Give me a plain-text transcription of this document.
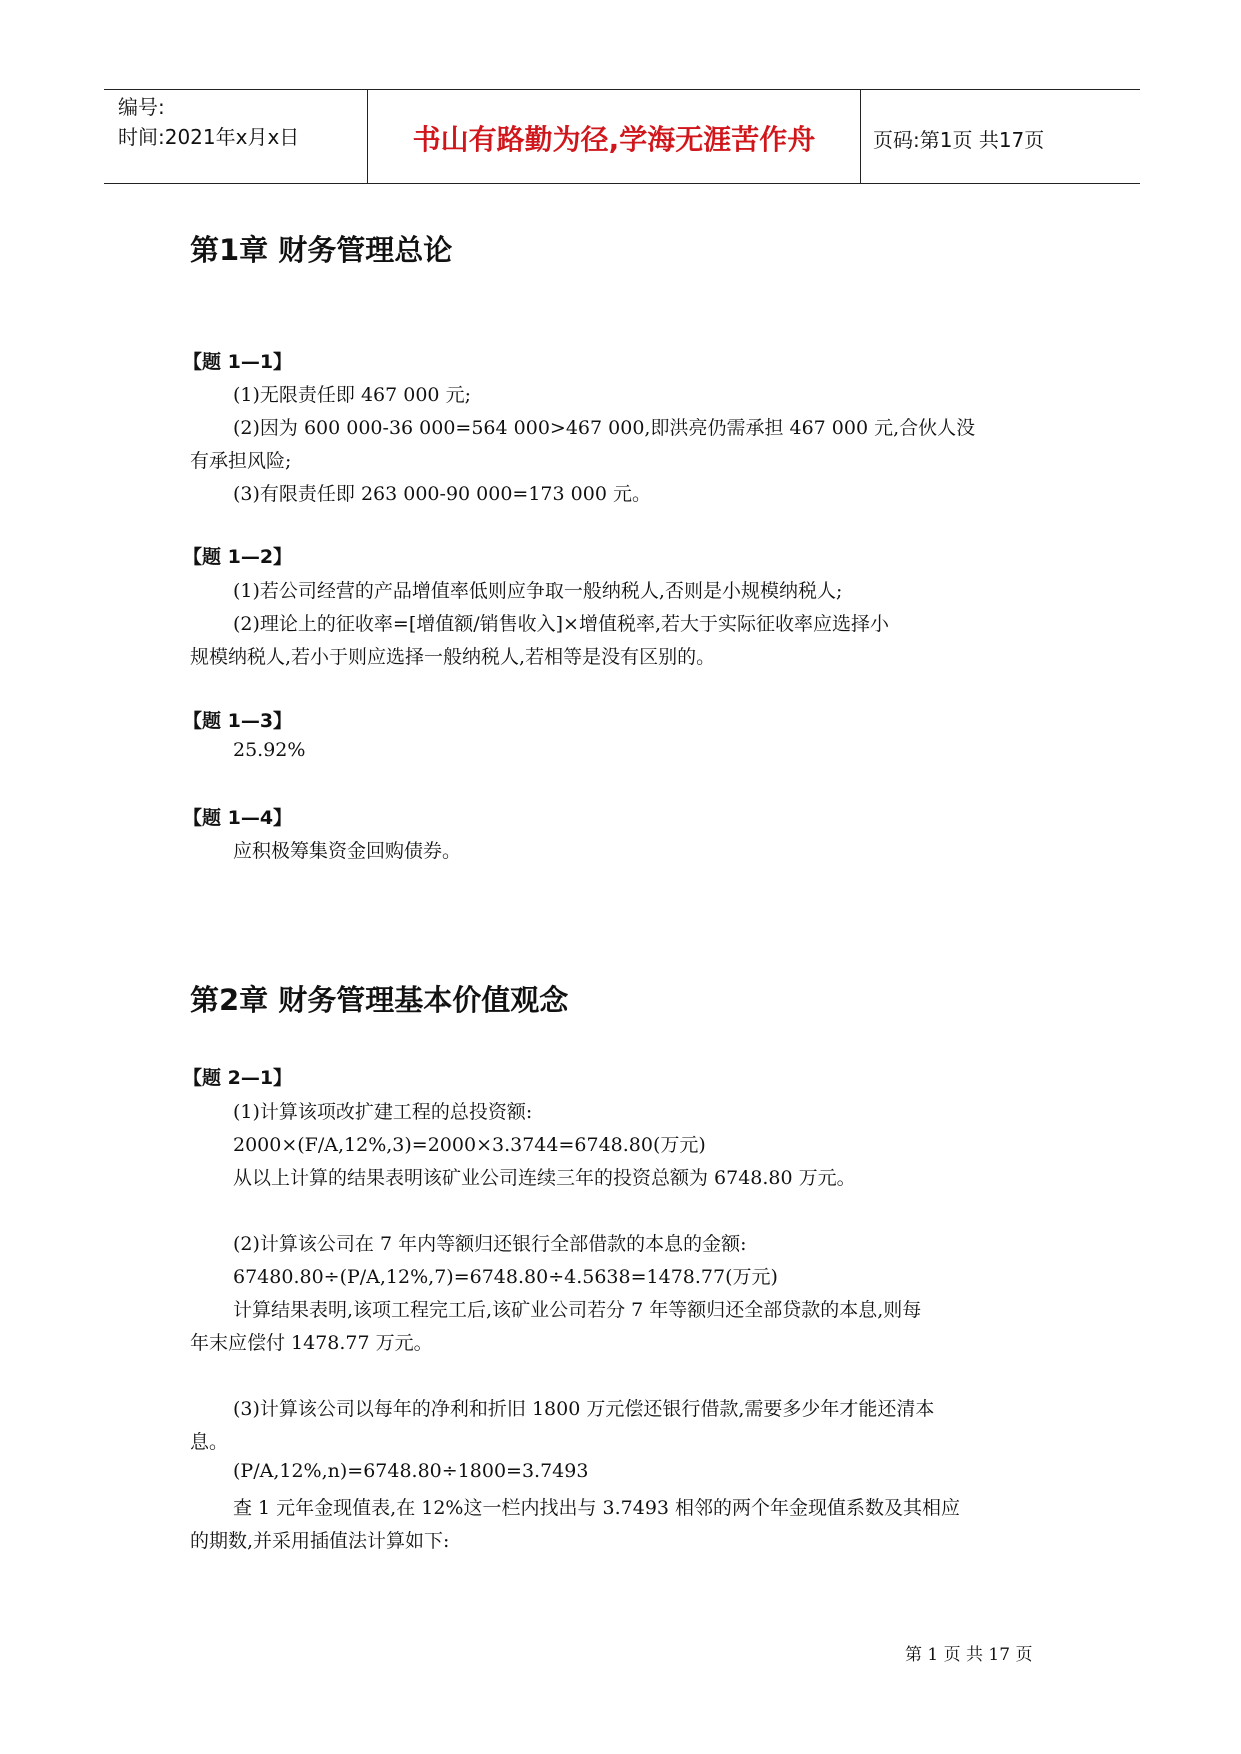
编号:
时间:2021年x月x日	书山有路勤为径,学海无涯苦作舟	页码:第1页 共17页
第1章 财务管理总论
【题 1—1】
(1)无限责任即 467 000 元;
(2)因为 600 000-36 000=564 000>467 000,即洪亮仍需承担 467 000 元,合伙人没
有承担风险;
(3)有限责任即 263 000-90 000=173 000 元。
【题 1—2】
(1)若公司经营的产品增值率低则应争取一般纳税人,否则是小规模纳税人;
(2)理论上的征收率=[增值额/销售收入]×增值税率,若大于实际征收率应选择小
规模纳税人,若小于则应选择一般纳税人,若相等是没有区别的。
【题 1—3】
25.92%
【题 1—4】
应积极筹集资金回购债券。
第2章 财务管理基本价值观念
【题 2—1】
(1)计算该项改扩建工程的总投资额:
2000×(F/A,12%,3)=2000×3.3744=6748.80(万元)
从以上计算的结果表明该矿业公司连续三年的投资总额为 6748.80 万元。
(2)计算该公司在 7 年内等额归还银行全部借款的本息的金额:
67480.80÷(P/A,12%,7)=6748.80÷4.5638=1478.77(万元)
计算结果表明,该项工程完工后,该矿业公司若分 7 年等额归还全部贷款的本息,则每
年末应偿付 1478.77 万元。
(3)计算该公司以每年的净利和折旧 1800 万元偿还银行借款,需要多少年才能还清本
息。
(P/A,12%,n)=6748.80÷1800=3.7493
查 1 元年金现值表,在 12%这一栏内找出与 3.7493 相邻的两个年金现值系数及其相应
的期数,并采用插值法计算如下:
第 1 页 共 17 页
